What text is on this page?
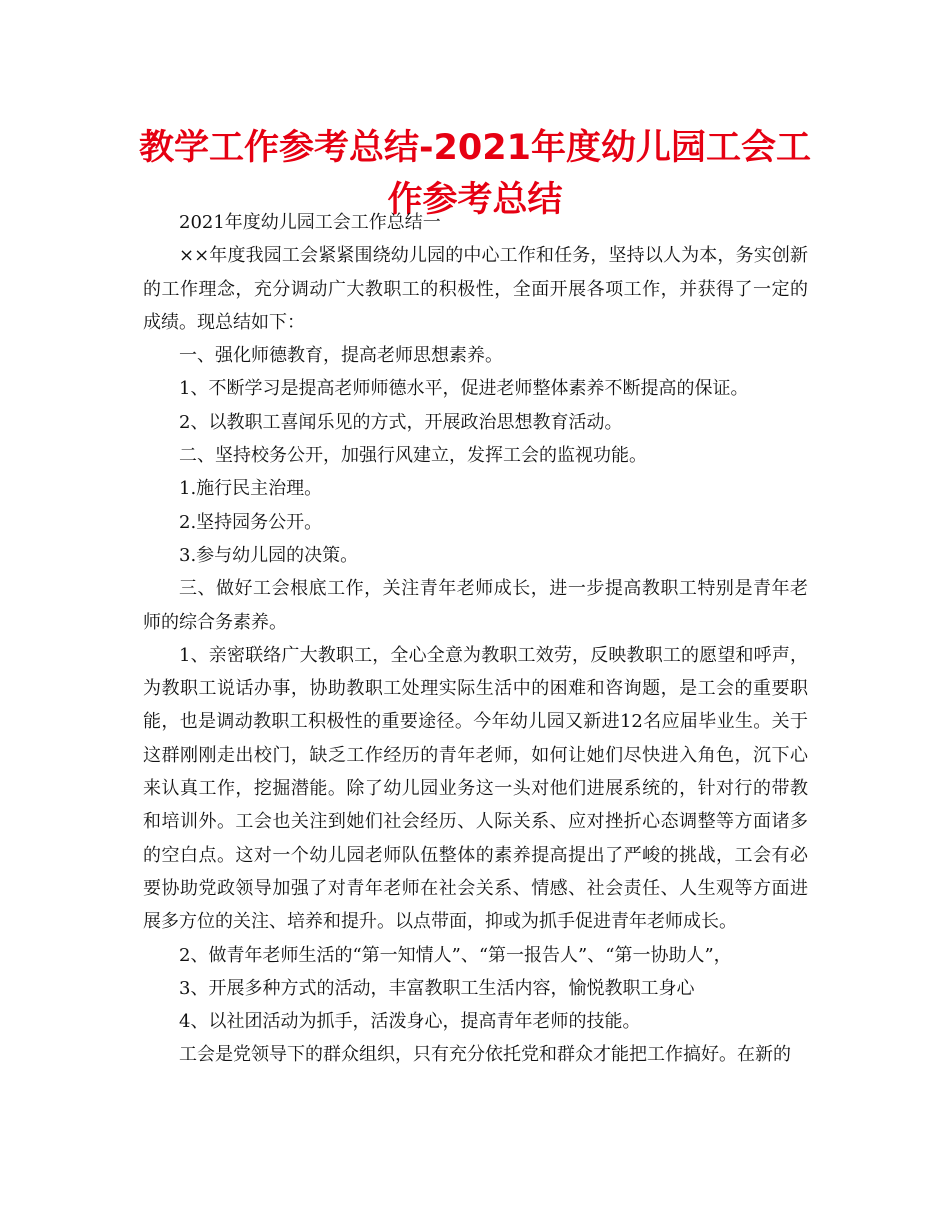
教学工作参考总结-2021年度幼儿园工会工作参考总结

2021年度幼儿园工会工作总结一

××年度我园工会紧紧围绕幼儿园的中心工作和任务，坚持以人为本，务实创新的工作理念，充分调动广大教职工的积极性，全面开展各项工作，并获得了一定的成绩。现总结如下：

一、强化师德教育，提高老师思想素养。

1、不断学习是提高老师师德水平，促进老师整体素养不断提高的保证。

2、以教职工喜闻乐见的方式，开展政治思想教育活动。

二、坚持校务公开，加强行风建立，发挥工会的监视功能。

1.施行民主治理。

2.坚持园务公开。

3.参与幼儿园的决策。

三、做好工会根底工作，关注青年老师成长，进一步提高教职工特别是青年老师的综合务素养。

1、亲密联络广大教职工，全心全意为教职工效劳，反映教职工的愿望和呼声，为教职工说话办事，协助教职工处理实际生活中的困难和咨询题，是工会的重要职能，也是调动教职工积极性的重要途径。今年幼儿园又新进12名应届毕业生。关于这群刚刚走出校门，缺乏工作经历的青年老师，如何让她们尽快进入角色，沉下心来认真工作，挖掘潜能。除了幼儿园业务这一头对他们进展系统的，针对行的带教和培训外。工会也关注到她们社会经历、人际关系、应对挫折心态调整等方面诸多的空白点。这对一个幼儿园老师队伍整体的素养提高提出了严峻的挑战，工会有必要协助党政领导加强了对青年老师在社会关系、情感、社会责任、人生观等方面进展多方位的关注、培养和提升。以点带面，抑或为抓手促进青年老师成长。

2、做青年老师生活的“第一知情人”、“第一报告人”、“第一协助人”，

3、开展多种方式的活动，丰富教职工生活内容，愉悦教职工身心

4、以社团活动为抓手，活泼身心，提高青年老师的技能。

工会是党领导下的群众组织，只有充分依托党和群众才能把工作搞好。在新的
